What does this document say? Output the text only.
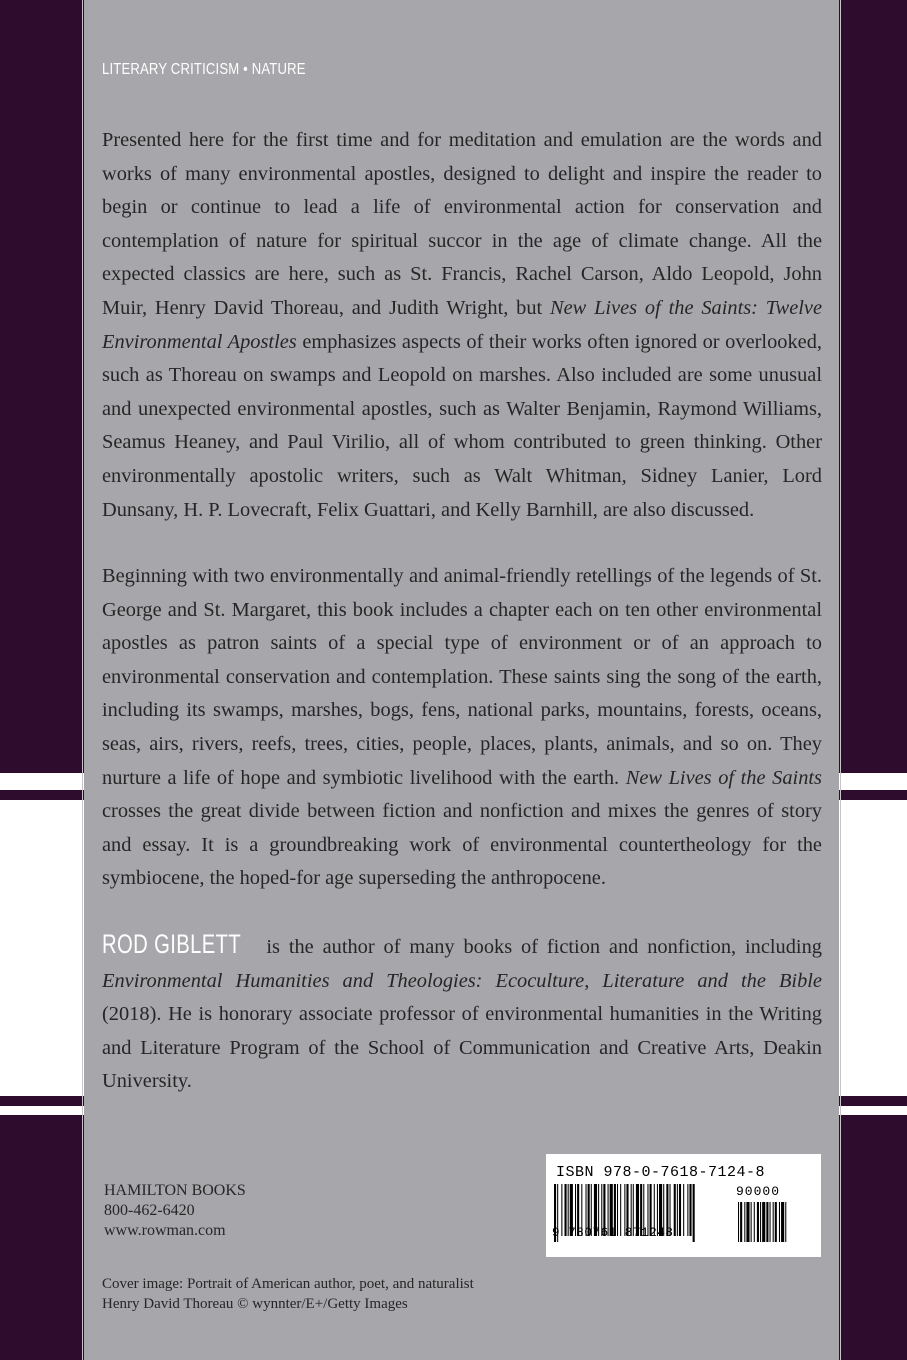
LITERARY CRITICISM • NATURE

Presented here for the first time and for meditation and emulation are the words and works of many environmental apostles, designed to delight and inspire the reader to begin or continue to lead a life of environmental action for conservation and contemplation of nature for spiritual succor in the age of climate change. All the expected classics are here, such as St. Francis, Rachel Carson, Aldo Leopold, John Muir, Henry David Thoreau, and Judith Wright, but New Lives of the Saints: Twelve Environmental Apostles emphasizes aspects of their works often ignored or overlooked, such as Thoreau on swamps and Leopold on marshes. Also included are some unusual and unexpected environmental apostles, such as Walter Benjamin, Raymond Williams, Seamus Heaney, and Paul Virilio, all of whom contributed to green thinking. Other environmentally apostolic writers, such as Walt Whitman, Sidney Lanier, Lord Dunsany, H. P. Lovecraft, Felix Guattari, and Kelly Barnhill, are also discussed.

Beginning with two environmentally and animal-friendly retellings of the legends of St. George and St. Margaret, this book includes a chapter each on ten other environmental apostles as patron saints of a special type of environment or of an approach to environmental conservation and contemplation. These saints sing the song of the earth, including its swamps, marshes, bogs, fens, national parks, mountains, forests, oceans, seas, airs, rivers, reefs, trees, cities, people, places, plants, animals, and so on. They nurture a life of hope and symbiotic livelihood with the earth. New Lives of the Saints crosses the great divide between fiction and nonfiction and mixes the genres of story and essay. It is a groundbreaking work of environmental countertheology for the symbiocene, the hoped-for age superseding the anthropocene.

ROD GIBLETT is the author of many books of fiction and nonfiction, including Environmental Humanities and Theologies: Ecoculture, Literature and the Bible (2018). He is honorary associate professor of environmental humanities in the Writing and Literature Program of the School of Communication and Creative Arts, Deakin University.

HAMILTON BOOKS
800-462-6420
www.rowman.com
ISBN 978-0-7618-7124-8
90000
9 780761 871248
Cover image: Portrait of American author, poet, and naturalist
Henry David Thoreau © wynnter/E+/Getty Images
